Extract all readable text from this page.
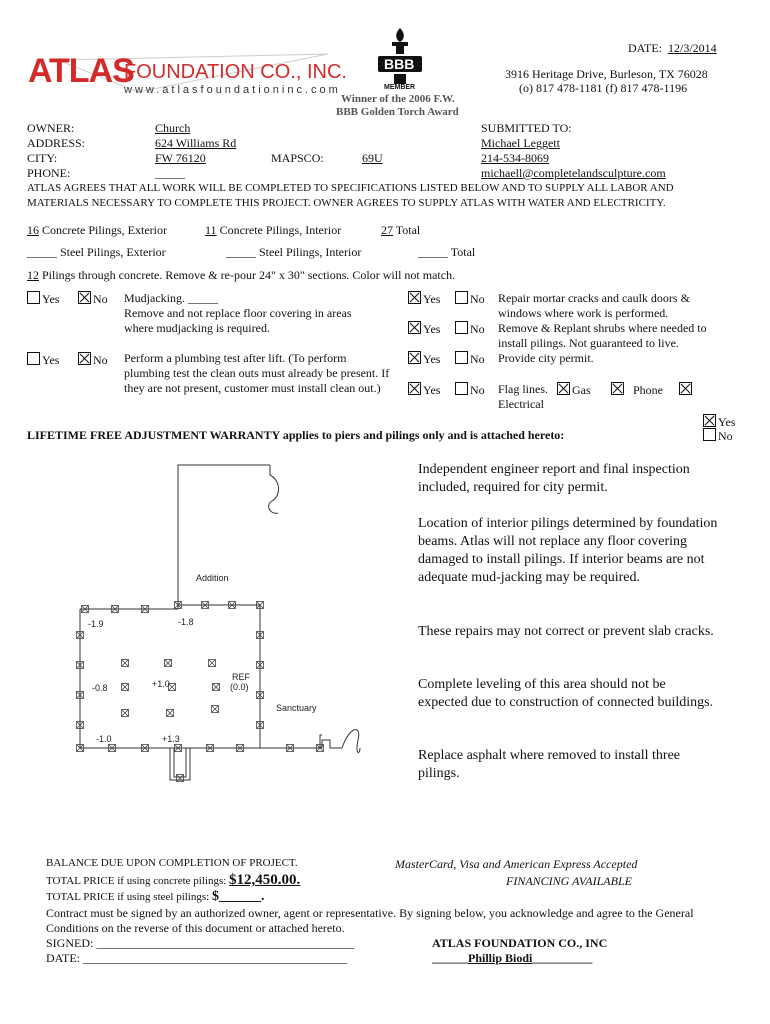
DATE: 12/3/2014
ATLAS
FOUNDATION CO., INC.
www.atlasfoundationinc.com
BBB
MEMBER
3916 Heritage Drive, Burleson, TX 76028
(o) 817 478-1181 (f) 817 478-1196
Winner of the 2006 F.W.
BBB Golden Torch Award
OWNER:	Church
ADDRESS:	624 Williams Rd
CITY:	FW 76120	MAPSCO:	69U
PHONE:	_____
SUBMITTED TO:
Michael Leggett
214-534-8069
michaell@completelandsculpture.com
ATLAS AGREES THAT ALL WORK WILL BE COMPLETED TO SPECIFICATIONS LISTED BELOW AND TO SUPPLY ALL LABOR AND MATERIALS NECESSARY TO COMPLETE THIS PROJECT. OWNER AGREES TO SUPPLY ATLAS WITH WATER AND ELECTRICITY.
16 Concrete Pilings, Exterior	11 Concrete Pilings, Interior	27 Total
_____ Steel Pilings, Exterior	_____ Steel Pilings, Interior	_____ Total
12 Pilings through concrete. Remove & re-pour 24" x 30" sections. Color will not match.
Yes	No Mudjacking. _____
Remove and not replace floor covering in areas where mudjacking is required.
Yes	No Perform a plumbing test after lift. (To perform plumbing test the clean outs must already be present. If they are not present, customer must install clean out.)
Yes	No Repair mortar cracks and caulk doors & windows where work is performed.
Yes	No Remove & Replant shrubs where needed to install pilings. Not guaranteed to live.
Yes	No Provide city permit.
Yes	No Flag lines.	Gas	Phone
Electrical
LIFETIME FREE ADJUSTMENT WARRANTY applies to piers and pilings only and is attached hereto:
Yes
No
Independent engineer report and final inspection included, required for city permit.
Location of interior pilings determined by foundation beams. Atlas will not replace any floor covering damaged to install pilings. If interior beams are not adequate mud-jacking may be required.
These repairs may not correct or prevent slab cracks.
Complete leveling of this area should not be expected due to construction of connected buildings.
Replace asphalt where removed to install three pilings.
Addition
Sanctuary
REF
(0.0)
-1.9	-1.8
-0.8	+1.0
-1.0	+1.3
BALANCE DUE UPON COMPLETION OF PROJECT.	MasterCard, Visa and American Express Accepted
TOTAL PRICE if using concrete pilings: $12,450.00.	FINANCING AVAILABLE
TOTAL PRICE if using steel pilings: $______.
Contract must be signed by an authorized owner, agent or representative. By signing below, you acknowledge and agree to the General Conditions on the reverse of this document or attached hereto.
SIGNED: ___________________________________________
DATE: ____________________________________________
ATLAS FOUNDATION CO., INC
______Phillip Biodi__________
